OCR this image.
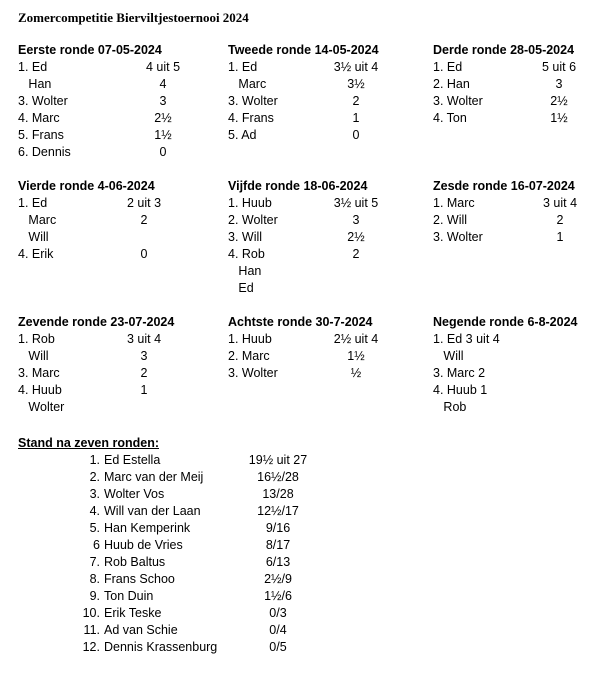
Zomercompetitie Bierviltjestoernooi 2024
Eerste ronde 07-05-2024
1. Ed	4 uit 5
Han	4
3. Wolter	3
4. Marc	2½
5. Frans	1½
6. Dennis	0
Tweede ronde 14-05-2024
1. Ed	3½ uit 4
Marc	3½
3. Wolter	2
4. Frans	1
5. Ad	0
Derde ronde 28-05-2024
1. Ed	5 uit 6
2. Han	3
3. Wolter	2½
4. Ton	1½
Vierde ronde 4-06-2024
1. Ed	2 uit 3
Marc	2
Will
4. Erik	0
Vijfde ronde 18-06-2024
1. Huub	3½ uit 5
2. Wolter	3
3. Will	2½
4. Rob	2
Han
Ed
Zesde ronde 16-07-2024
1. Marc	3 uit 4
2. Will	2
3. Wolter	1
Zevende ronde 23-07-2024
1. Rob	3 uit 4
Will	3
3. Marc	2
4. Huub	1
Wolter
Achtste ronde 30-7-2024
1. Huub	2½ uit 4
2. Marc	1½
3. Wolter	½
Negende ronde 6-8-2024
1. Ed 3 uit 4
Will
3. Marc 2
4. Huub 1
Rob
Stand na zeven ronden:
1. Ed Estella	19½ uit 27
2. Marc van der Meij	16½/28
3. Wolter Vos	13/28
4. Will van der Laan	12½/17
5. Han Kemperink	9/16
6 Huub de Vries	8/17
7. Rob Baltus	6/13
8. Frans Schoo	2½/9
9. Ton Duin	1½/6
10. Erik Teske	0/3
11. Ad van Schie	0/4
12. Dennis Krassenburg	0/5
